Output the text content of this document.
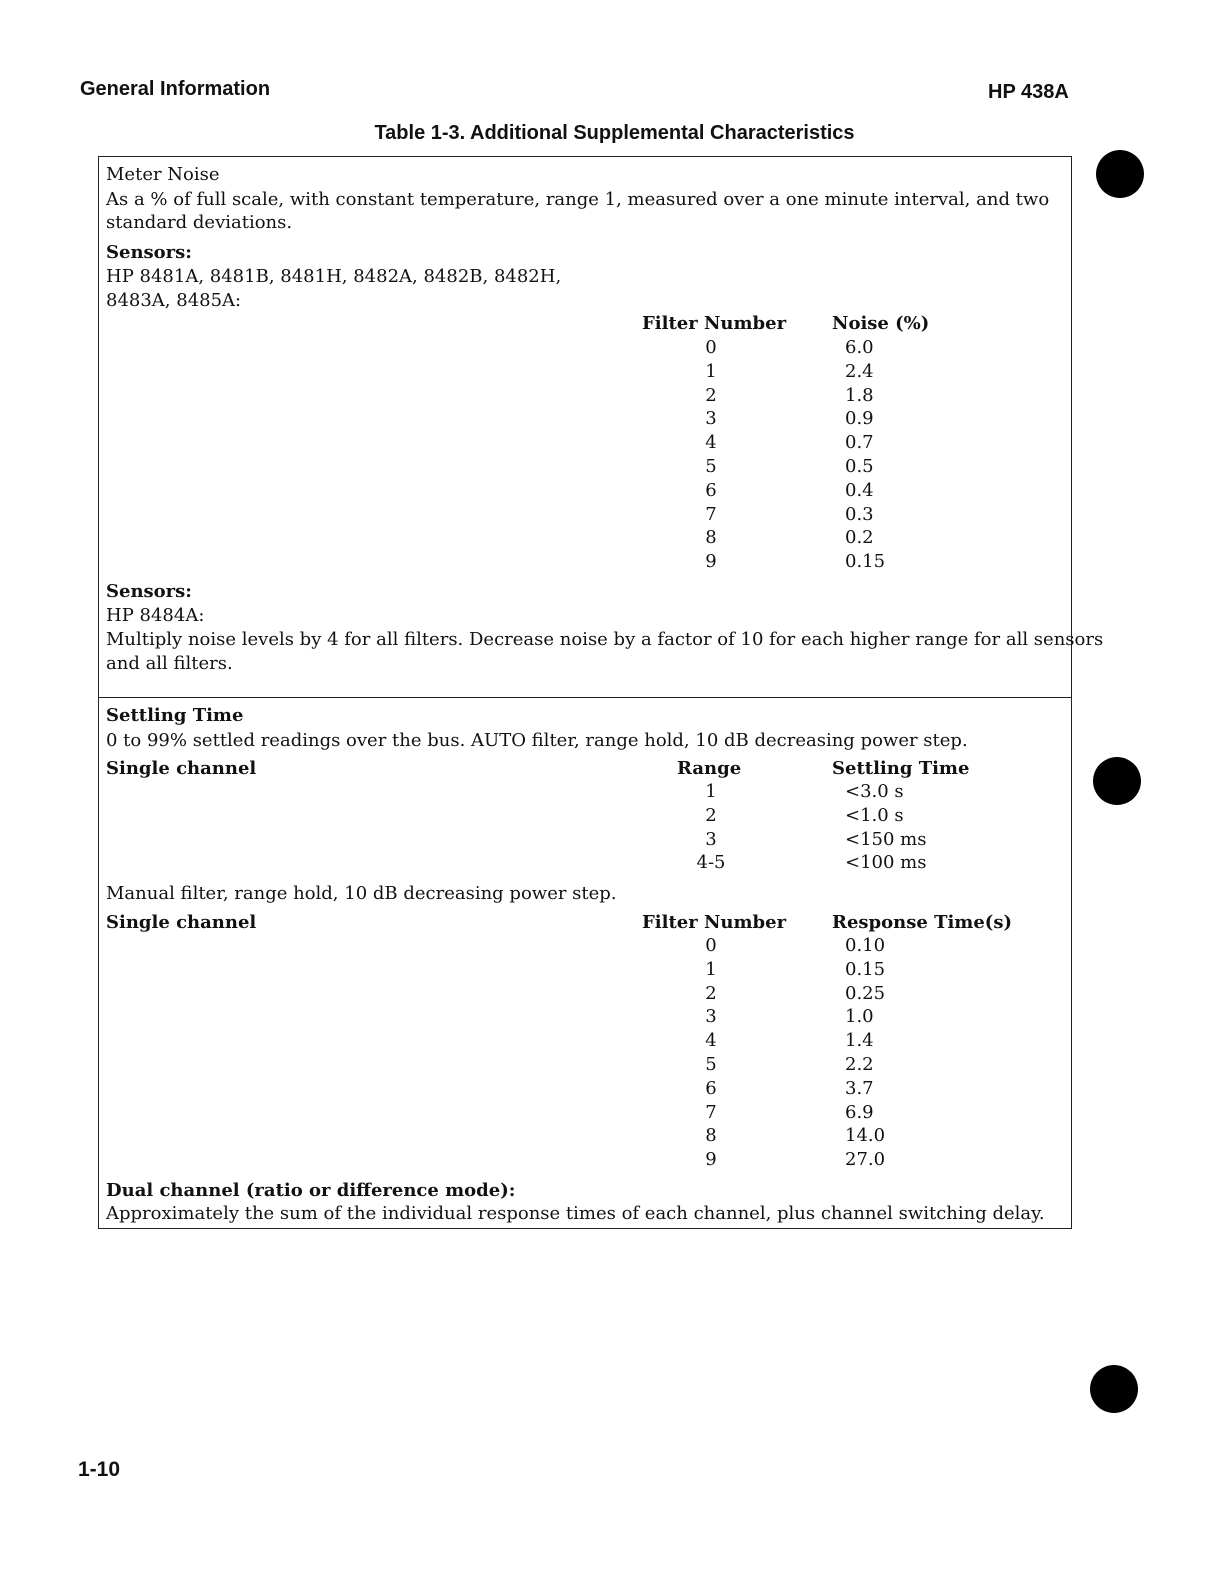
General Information	HP 438A
Table 1-3. Additional Supplemental Characteristics
Meter Noise
As a % of full scale, with constant temperature, range 1, measured over a one minute interval, and two
standard deviations.
Sensors:
HP 8481A, 8481B, 8481H, 8482A, 8482B, 8482H,
8483A, 8485A:
Filter Number	Noise (%)
0	6.0
1	2.4
2	1.8
3	0.9
4	0.7
5	0.5
6	0.4
7	0.3
8	0.2
9	0.15
Sensors:
HP 8484A:
Multiply noise levels by 4 for all filters. Decrease noise by a factor of 10 for each higher range for all sensors
and all filters.
Settling Time
0 to 99% settled readings over the bus. AUTO filter, range hold, 10 dB decreasing power step.
Single channel	Range	Settling Time
1	<3.0 s
2	<1.0 s
3	<150 ms
4-5	<100 ms
Manual filter, range hold, 10 dB decreasing power step.
Single channel	Filter Number	Response Time(s)
0	0.10
1	0.15
2	0.25
3	1.0
4	1.4
5	2.2
6	3.7
7	6.9
8	14.0
9	27.0
Dual channel (ratio or difference mode):
Approximately the sum of the individual response times of each channel, plus channel switching delay.
1-10
